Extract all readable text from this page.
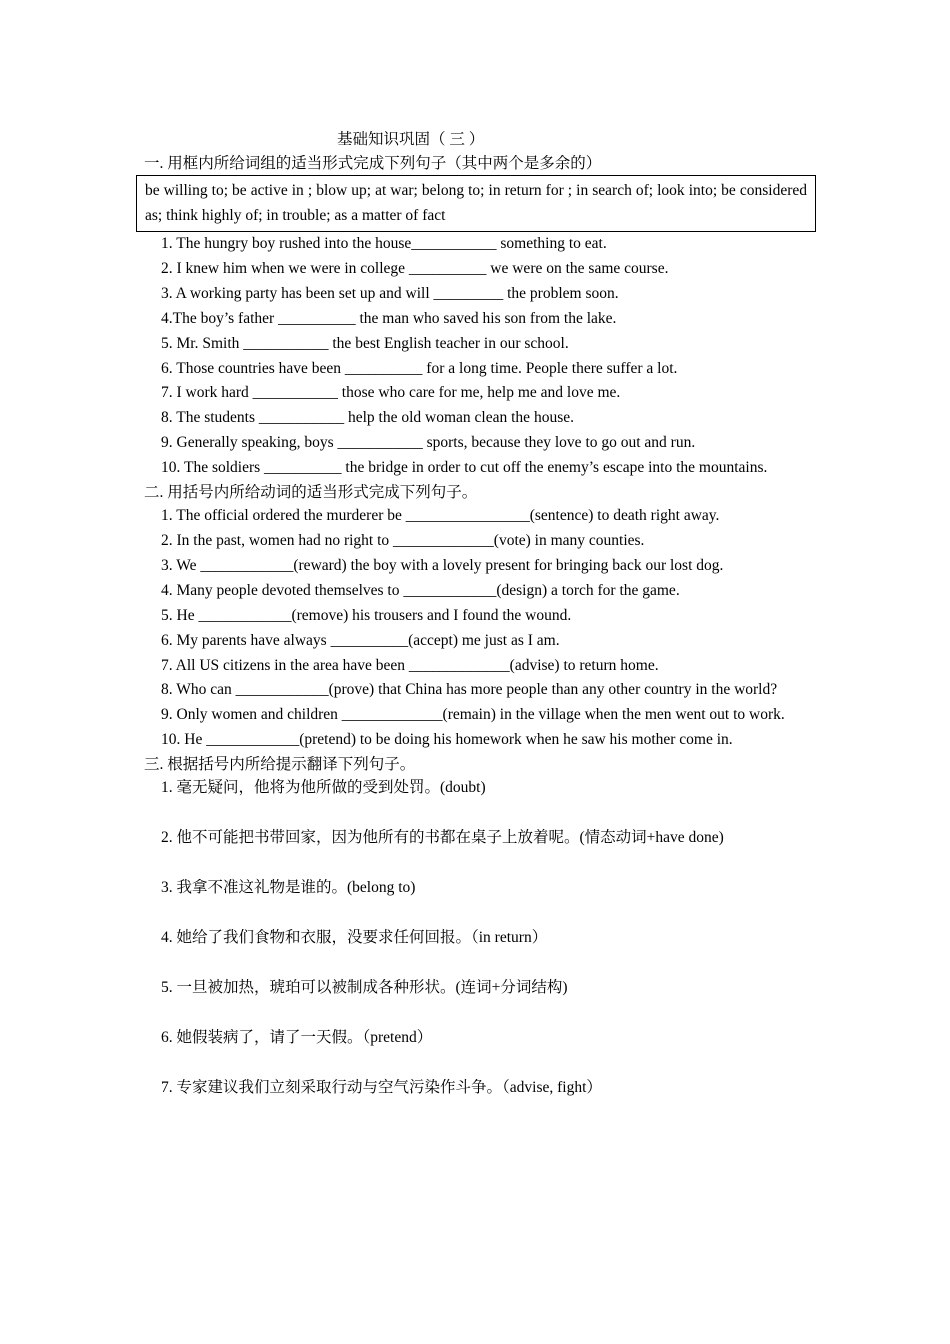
基础知识巩固（ 三 ）
一. 用框内所给词组的适当形式完成下列句子（其中两个是多余的）
be willing to; be active in ; blow up; at war; belong to; in return for ; in search of; look into; be considered as; think highly of; in trouble; as a matter of fact
1. The hungry boy rushed into the house___________ something to eat.
2. I knew him when we were in college __________ we were on the same course.
3. A working party has been set up and will _________ the problem soon.
4.The boy’s father __________ the man who saved his son from the lake.
5. Mr. Smith ___________ the best English teacher in our school.
6. Those countries have been __________ for a long time. People there suffer a lot.
7. I work hard ___________ those who care for me, help me and love me.
8. The students ___________ help the old woman clean the house.
9. Generally speaking, boys ___________ sports, because they love to go out and run.
10. The soldiers __________ the bridge in order to cut off the enemy’s escape into the mountains.
二. 用括号内所给动词的适当形式完成下列句子。
1. The official ordered the murderer be ________________(sentence) to death right away.
2. In the past, women had no right to _____________(vote) in many counties.
3. We ____________(reward) the boy with a lovely present for bringing back our lost dog.
4. Many people devoted themselves to ____________(design) a torch for the game.
5. He ____________(remove) his trousers and I found the wound.
6. My parents have always __________(accept) me just as I am.
7. All US citizens in the area have been _____________(advise) to return home.
8. Who can ____________(prove) that China has more people than any other country in the world?
9. Only women and children _____________(remain) in the village when the men went out to work.
10. He ____________(pretend) to be doing his homework when he saw his mother come in.
三. 根据括号内所给提示翻译下列句子。
1. 毫无疑问，他将为他所做的受到处罚。(doubt)
2. 他不可能把书带回家，因为他所有的书都在桌子上放着呢。(情态动词+have done)
3. 我拿不准这礼物是谁的。(belong to)
4. 她给了我们食物和衣服，没要求任何回报。（in return）
5. 一旦被加热，琥珀可以被制成各种形状。(连词+分词结构)
6. 她假装病了，请了一天假。（pretend）
7. 专家建议我们立刻采取行动与空气污染作斗争。（advise, fight）
